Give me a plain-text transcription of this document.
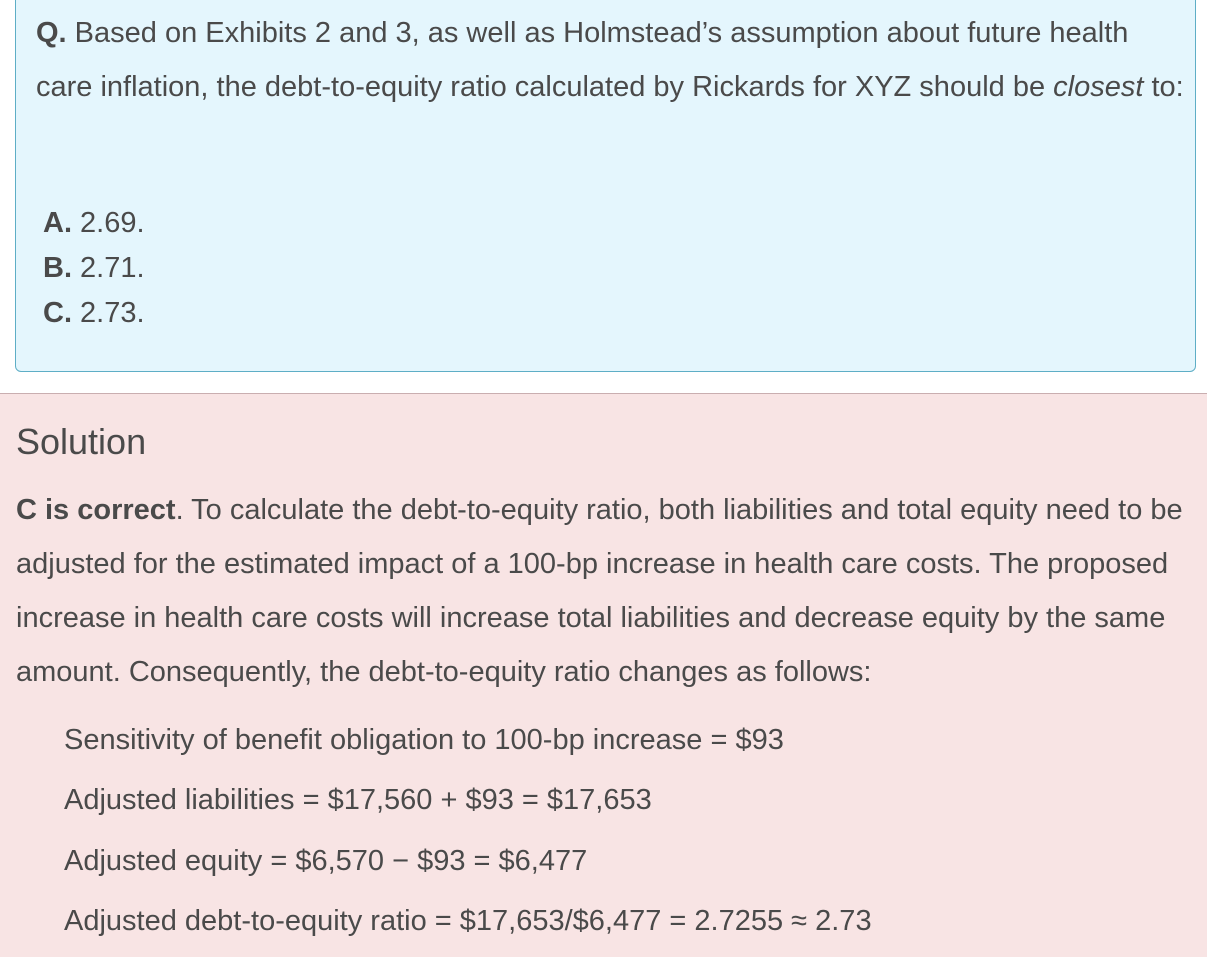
Q. Based on Exhibits 2 and 3, as well as Holmstead’s assumption about future health care inflation, the debt-to-equity ratio calculated by Rickards for XYZ should be closest to:
A. 2.69.
B. 2.71.
C. 2.73.
Solution
C is correct. To calculate the debt-to-equity ratio, both liabilities and total equity need to be adjusted for the estimated impact of a 100-bp increase in health care costs. The proposed increase in health care costs will increase total liabilities and decrease equity by the same amount. Consequently, the debt-to-equity ratio changes as follows:
Sensitivity of benefit obligation to 100-bp increase = $93
Adjusted liabilities = $17,560 + $93 = $17,653
Adjusted equity = $6,570 − $93 = $6,477
Adjusted debt-to-equity ratio = $17,653/$6,477 = 2.7255 ≈ 2.73
